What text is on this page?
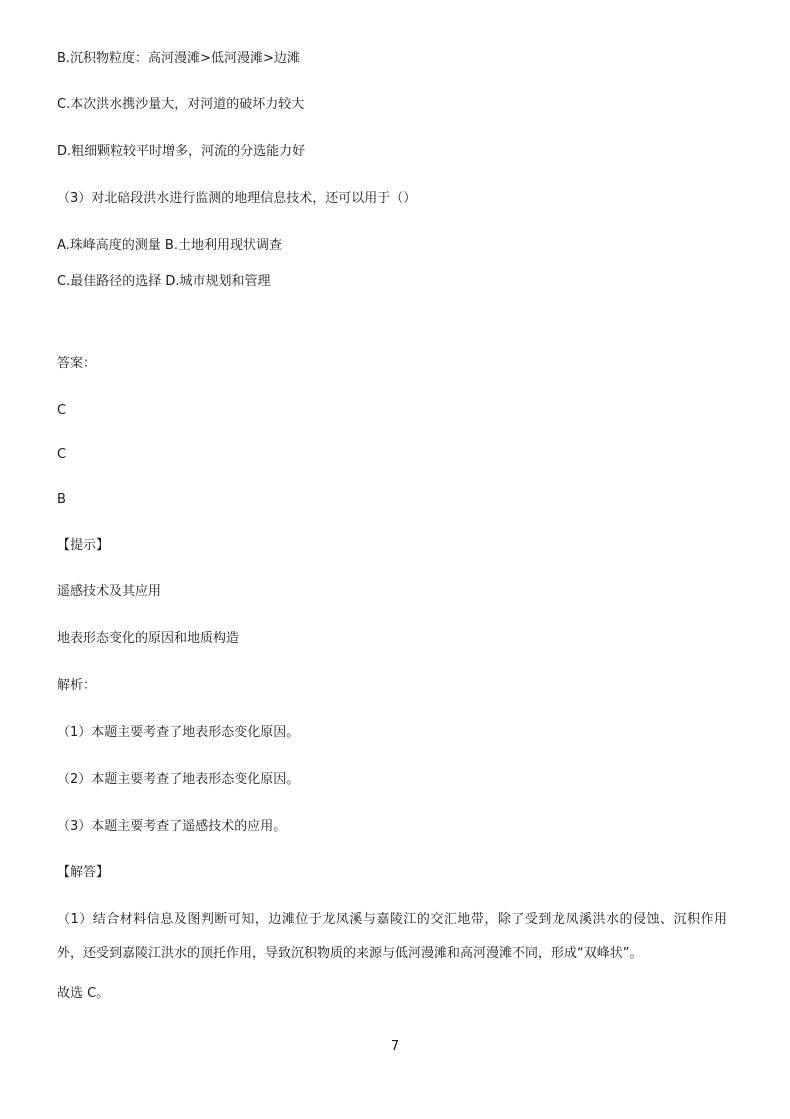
B.沉积物粒度：高河漫滩>低河漫滩>边滩
C.本次洪水携沙量大，对河道的破坏力较大
D.粗细颗粒较平时增多，河流的分选能力好
（3）对北碚段洪水进行监测的地理信息技术，还可以用于（）
A.珠峰高度的测量 B.土地利用现状调查
C.最佳路径的选择 D.城市规划和管理
答案：
C
C
B
【提示】
遥感技术及其应用
地表形态变化的原因和地质构造
解析：
（1）本题主要考查了地表形态变化原因。
（2）本题主要考查了地表形态变化原因。
（3）本题主要考查了遥感技术的应用。
【解答】
（1）结合材料信息及图判断可知，边滩位于龙凤溪与嘉陵江的交汇地带，除了受到龙凤溪洪水的侵蚀、沉积作用外，还受到嘉陵江洪水的顶托作用，导致沉积物质的来源与低河漫滩和高河漫滩不同，形成“双峰状”。
故选 C。
7
